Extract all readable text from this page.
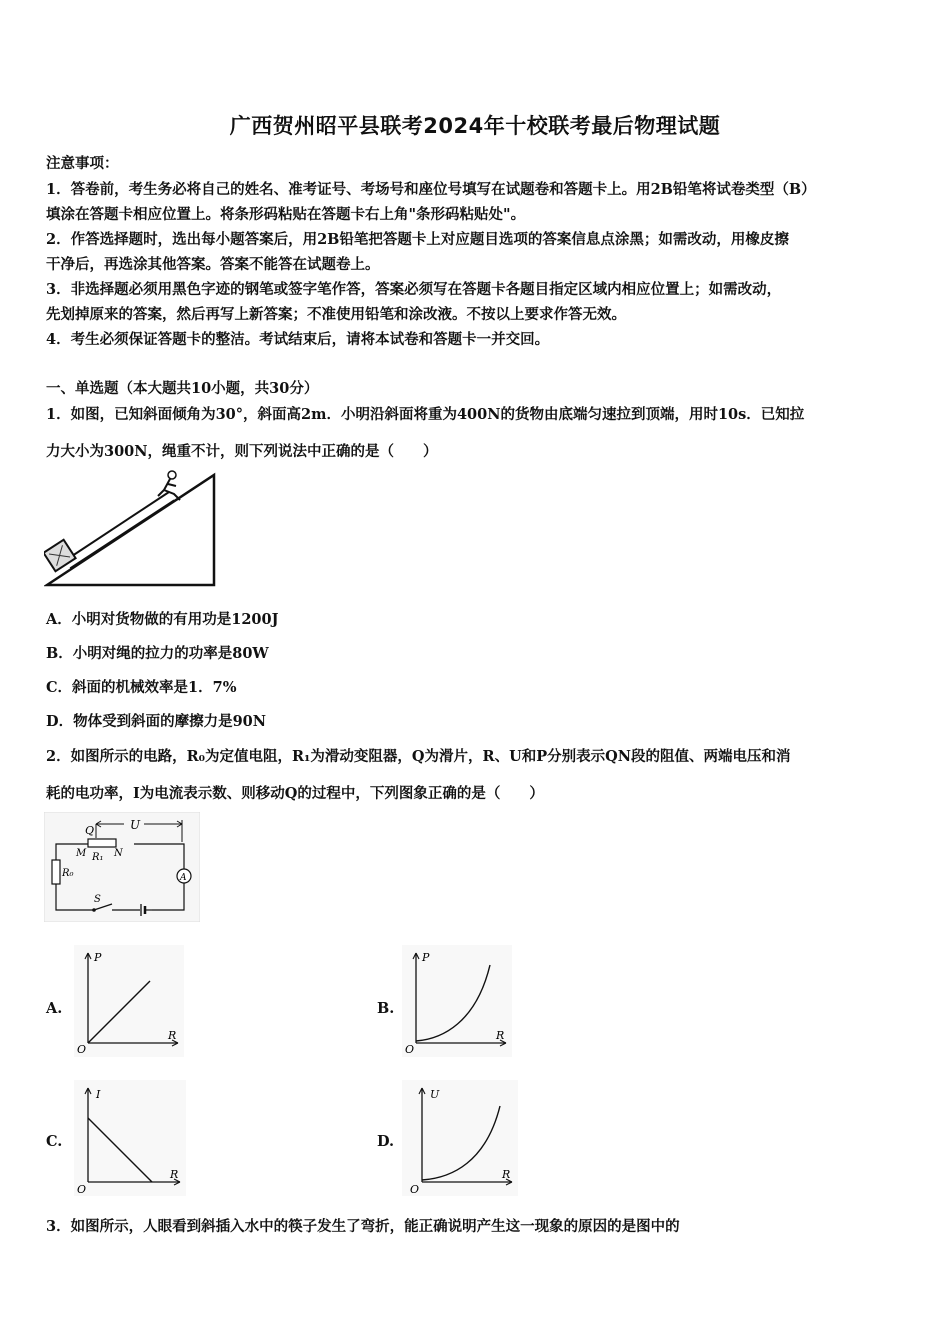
广西贺州昭平县联考2024年十校联考最后物理试题
注意事项：
1．答卷前，考生务必将自己的姓名、准考证号、考场号和座位号填写在试题卷和答题卡上。用2B铅笔将试卷类型（B）
填涂在答题卡相应位置上。将条形码粘贴在答题卡右上角"条形码粘贴处"。
2．作答选择题时，选出每小题答案后，用2B铅笔把答题卡上对应题目选项的答案信息点涂黑；如需改动，用橡皮擦
干净后，再选涂其他答案。答案不能答在试题卷上。
3．非选择题必须用黑色字迹的钢笔或签字笔作答，答案必须写在答题卡各题目指定区域内相应位置上；如需改动，
先划掉原来的答案，然后再写上新答案；不准使用铅笔和涂改液。不按以上要求作答无效。
4．考生必须保证答题卡的整洁。考试结束后，请将本试卷和答题卡一并交回。
一、单选题（本大题共10小题，共30分）
1．如图，已知斜面倾角为30°，斜面高2m．小明沿斜面将重为400N的货物由底端匀速拉到顶端，用时10s．已知拉
力大小为300N，绳重不计，则下列说法中正确的是（　　）
A．小明对货物做的有用功是1200J
B．小明对绳的拉力的功率是80W
C．斜面的机械效率是1．7%
D．物体受到斜面的摩擦力是90N
2．如图所示的电路，R₀为定值电阻，R₁为滑动变阻器，Q为滑片，R、U和P分别表示QN段的阻值、两端电压和消
耗的电功率，I为电流表示数、则移动Q的过程中，下列图象正确的是（　　）
Q	U
M R₁ N
R₀
S
A
A.
P
R
O
B.
P
R
O
C.
I
R
O
D.
U
R
O
3．如图所示，人眼看到斜插入水中的筷子发生了弯折，能正确说明产生这一现象的原因的是图中的
